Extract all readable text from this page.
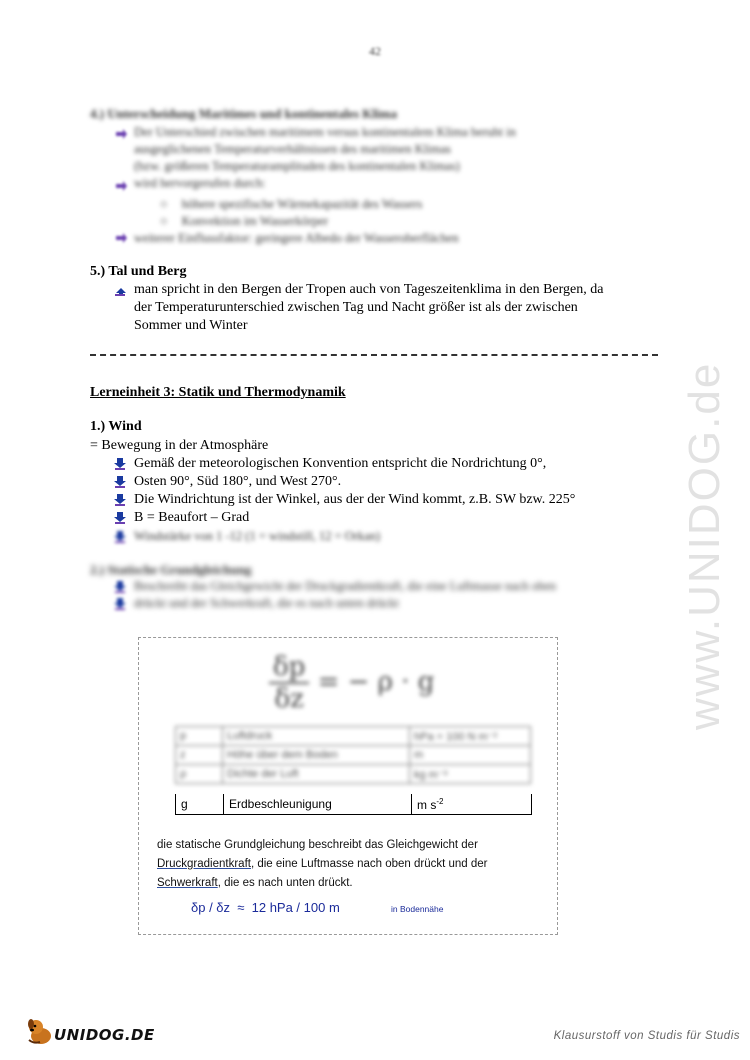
42
www.UNIDOG.de
4.) Unterscheidung Maritimes und kontinentales Klima
Der Unterschied zwischen maritimem versus kontinentalem Klima beruht in
ausgeglichenen Temperaturverhältnissen des maritimen Klimas
(bzw. größeren Temperaturamplituden des kontinentalen Klimas)
wird hervorgerufen durch:
○ höhere spezifische Wärmekapazität des Wassers
○ Konvektion im Wasserkörper
weiterer Einflussfaktor: geringere Albedo der Wasseroberflächen
5.) Tal und Berg
man spricht in den Bergen der Tropen auch von Tageszeitenklima in den Bergen, da
der Temperaturunterschied zwischen Tag und Nacht größer ist als der zwischen
Sommer und Winter
Lerneinheit 3: Statik und Thermodynamik
1.) Wind
= Bewegung in der Atmosphäre
Gemäß der meteorologischen Konvention entspricht die Nordrichtung 0°,
Osten 90°, Süd 180°, und West 270°.
Die Windrichtung ist der Winkel, aus der der Wind kommt, z.B. SW bzw. 225°
B = Beaufort – Grad
Windstärke von 1 -12 (1 = windstill, 12 = Orkan)
2.) Statische Grundgleichung
Beschreibt das Gleichgewicht der Druckgradientkraft, die eine Luftmasse nach oben
drückt und der Schwerkraft, die es nach unten drückt
$\frac{\delta p}{\delta z}$ = − ρ · g
p	Luftdruck	hPa = 100 N m⁻²
z	Höhe über dem Boden	m
ρ	Dichte der Luft	kg m⁻³
g	Erdbeschleunigung	m $s^{-2}$
die statische Grundgleichung beschreibt das Gleichgewicht der
Druckgradientkraft, die eine Luftmasse nach oben drückt und der
Schwerkraft, die es nach unten drückt.
δp / δz  ≈  12 hPa / 100 m	in Bodennähe
UNIDOG.DE	Klausurstoff von Studis für Studis
